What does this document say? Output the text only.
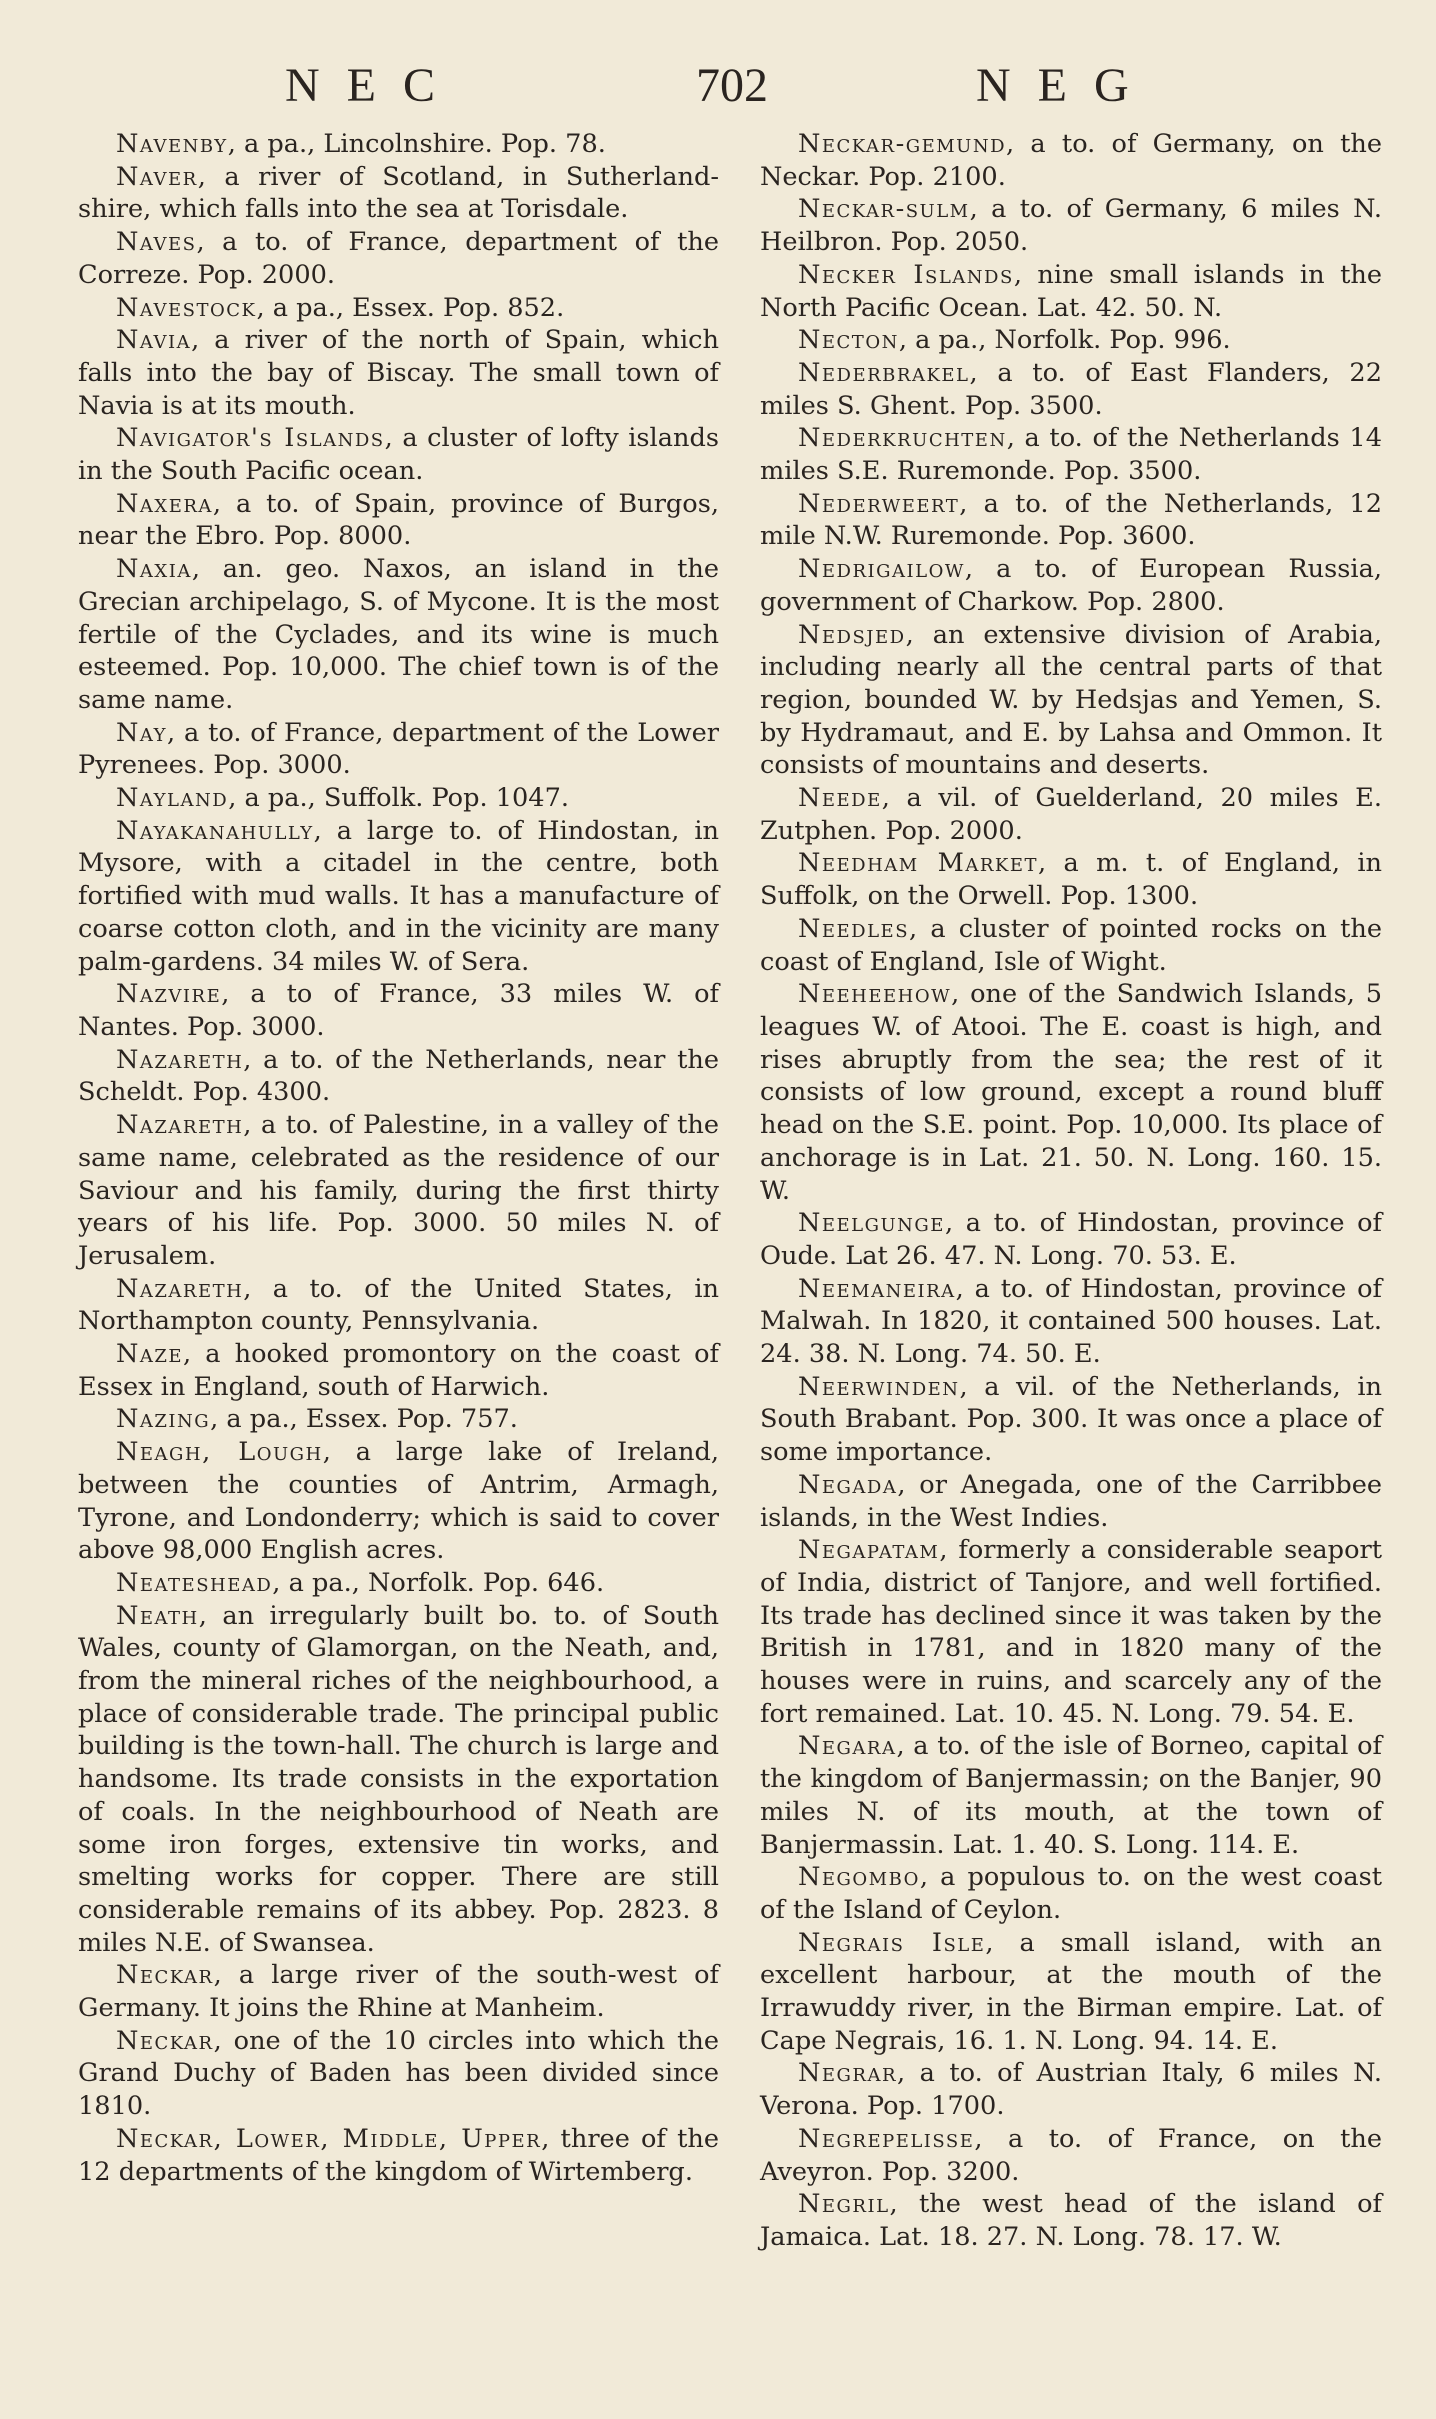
NEC	702	NEG

Navenby, a pa., Lincolnshire. Pop. 78.

Naver, a river of Scotland, in Sutherland-shire, which falls into the sea at Torisdale.

Naves, a to. of France, department of the Correze. Pop. 2000.

Navestock, a pa., Essex. Pop. 852.

Navia, a river of the north of Spain, which falls into the bay of Biscay. The small town of Navia is at its mouth.

Navigator's Islands, a cluster of lofty islands in the South Pacific ocean.

Naxera, a to. of Spain, province of Burgos, near the Ebro. Pop. 8000.

Naxia, an. geo. Naxos, an island in the Grecian archipelago, S. of Mycone. It is the most fertile of the Cyclades, and its wine is much esteemed. Pop. 10,000. The chief town is of the same name.

Nay, a to. of France, department of the Lower Pyrenees. Pop. 3000.

Nayland, a pa., Suffolk. Pop. 1047.

Nayakanahully, a large to. of Hindostan, in Mysore, with a citadel in the centre, both fortified with mud walls. It has a manufacture of coarse cotton cloth, and in the vicinity are many palm-gardens. 34 miles W. of Sera.

Nazvire, a to of France, 33 miles W. of Nantes. Pop. 3000.

Nazareth, a to. of the Netherlands, near the Scheldt. Pop. 4300.

Nazareth, a to. of Palestine, in a valley of the same name, celebrated as the residence of our Saviour and his family, during the first thirty years of his life. Pop. 3000. 50 miles N. of Jerusalem.

Nazareth, a to. of the United States, in Northampton county, Pennsylvania.

Naze, a hooked promontory on the coast of Essex in England, south of Harwich.

Nazing, a pa., Essex. Pop. 757.

Neagh, Lough, a large lake of Ireland, between the counties of Antrim, Armagh, Tyrone, and Londonderry; which is said to cover above 98,000 English acres.

Neateshead, a pa., Norfolk. Pop. 646.

Neath, an irregularly built bo. to. of South Wales, county of Glamorgan, on the Neath, and, from the mineral riches of the neighbourhood, a place of considerable trade. The principal public building is the town-hall. The church is large and handsome. Its trade consists in the exportation of coals. In the neighbourhood of Neath are some iron forges, extensive tin works, and smelting works for copper. There are still considerable remains of its abbey. Pop. 2823. 8 miles N.E. of Swansea.

Neckar, a large river of the south-west of Germany. It joins the Rhine at Manheim.

Neckar, one of the 10 circles into which the Grand Duchy of Baden has been divided since 1810.

Neckar, Lower, Middle, Upper, three of the 12 departments of the kingdom of Wirtemberg.

Neckar-gemund, a to. of Germany, on the Neckar. Pop. 2100.

Neckar-sulm, a to. of Germany, 6 miles N. Heilbron. Pop. 2050.

Necker Islands, nine small islands in the North Pacific Ocean. Lat. 42. 50. N.

Necton, a pa., Norfolk. Pop. 996.

Nederbrakel, a to. of East Flanders, 22 miles S. Ghent. Pop. 3500.

Nederkruchten, a to. of the Netherlands 14 miles S.E. Ruremonde. Pop. 3500.

Nederweert, a to. of the Netherlands, 12 mile N.W. Ruremonde. Pop. 3600.

Nedrigailow, a to. of European Russia, government of Charkow. Pop. 2800.

Nedsjed, an extensive division of Arabia, including nearly all the central parts of that region, bounded W. by Hedsjas and Yemen, S. by Hydramaut, and E. by Lahsa and Ommon. It consists of mountains and deserts.

Neede, a vil. of Guelderland, 20 miles E. Zutphen. Pop. 2000.

Needham Market, a m. t. of England, in Suffolk, on the Orwell. Pop. 1300.

Needles, a cluster of pointed rocks on the coast of England, Isle of Wight.

Neeheehow, one of the Sandwich Islands, 5 leagues W. of Atooi. The E. coast is high, and rises abruptly from the sea; the rest of it consists of low ground, except a round bluff head on the S.E. point. Pop. 10,000. Its place of anchorage is in Lat. 21. 50. N. Long. 160. 15. W.

Neelgunge, a to. of Hindostan, province of Oude. Lat 26. 47. N. Long. 70. 53. E.

Neemaneira, a to. of Hindostan, province of Malwah. In 1820, it contained 500 houses. Lat. 24. 38. N. Long. 74. 50. E.

Neerwinden, a vil. of the Netherlands, in South Brabant. Pop. 300. It was once a place of some importance.

Negada, or Anegada, one of the Carribbee islands, in the West Indies.

Negapatam, formerly a considerable seaport of India, district of Tanjore, and well fortified. Its trade has declined since it was taken by the British in 1781, and in 1820 many of the houses were in ruins, and scarcely any of the fort remained. Lat. 10. 45. N. Long. 79. 54. E.

Negara, a to. of the isle of Borneo, capital of the kingdom of Banjermassin; on the Banjer, 90 miles N. of its mouth, at the town of Banjermassin. Lat. 1. 40. S. Long. 114. E.

Negombo, a populous to. on the west coast of the Island of Ceylon.

Negrais Isle, a small island, with an excellent harbour, at the mouth of the Irrawuddy river, in the Birman empire. Lat. of Cape Negrais, 16. 1. N. Long. 94. 14. E.

Negrar, a to. of Austrian Italy, 6 miles N. Verona. Pop. 1700.

Negrepelisse, a to. of France, on the Aveyron. Pop. 3200.

Negril, the west head of the island of Jamaica. Lat. 18. 27. N. Long. 78. 17. W.
